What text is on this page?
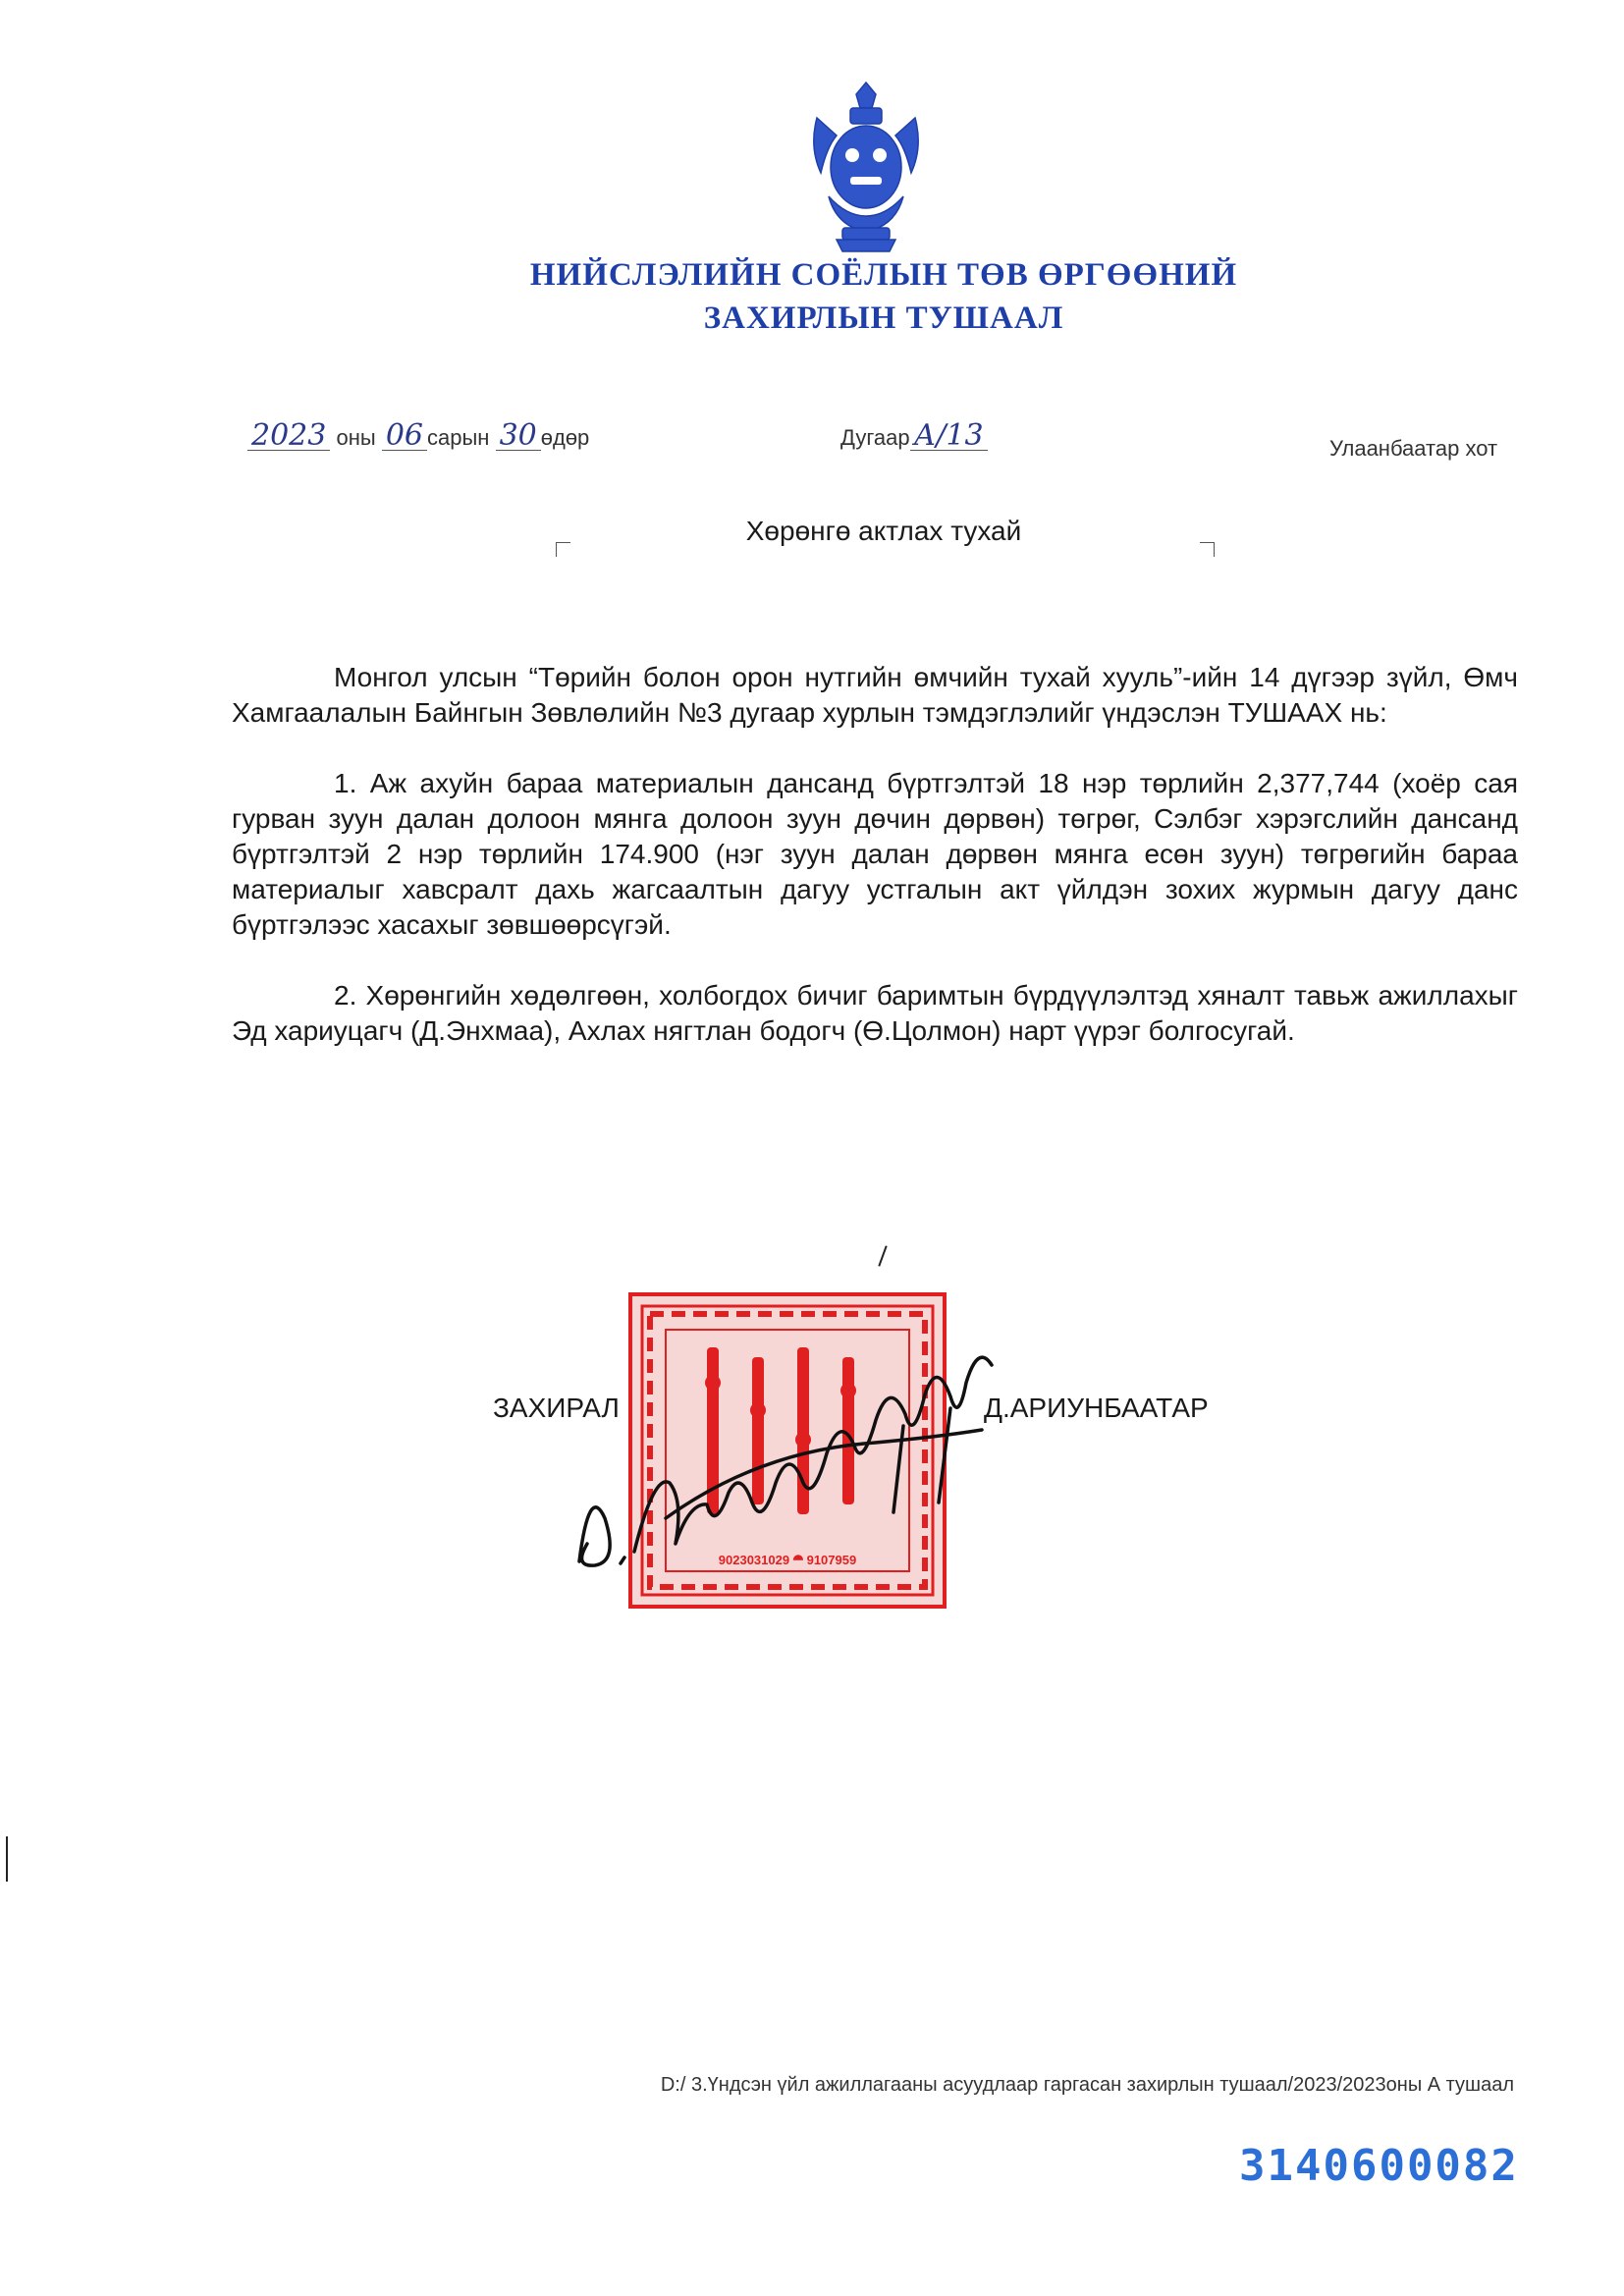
НИЙСЛЭЛИЙН СОЁЛЫН ТӨВ ӨРГӨӨНИЙ
ЗАХИРЛЫН ТУШААЛ
2023 оны 06 сарын 30 өдөр	Дугаар А/13	Улаанбаатар хот
Хөрөнгө актлах тухай

Монгол улсын “Төрийн болон орон нутгийн өмчийн тухай хууль”-ийн 14 дүгээр зүйл, Өмч Хамгаалалын Байнгын Зөвлөлийн №3 дугаар хурлын тэмдэглэлийг үндэслэн ТУШААХ нь:

1. Аж ахуйн бараа материалын дансанд бүртгэлтэй 18 нэр төрлийн 2,377,744 (хоёр сая гурван зуун далан долоон мянга долоон зуун дөчин дөрвөн) төгрөг, Сэлбэг хэрэгслийн дансанд бүртгэлтэй 2 нэр төрлийн 174.900 (нэг зуун далан дөрвөн мянга есөн зуун) төгрөгийн бараа материалыг хавсралт дахь жагсаалтын дагуу устгалын акт үйлдэн зохих журмын дагуу данс бүртгэлээс хасахыг зөвшөөрсүгэй.

2. Хөрөнгийн хөдөлгөөн, холбогдох бичиг баримтын бүрдүүлэлтэд хяналт тавьж ажиллахыг Эд хариуцагч (Д.Энхмаа), Ахлах нягтлан бодогч (Ө.Цолмон) нарт үүрэг болгосугай.

9023031029 ⯊ 9107959
ЗАХИРАЛ	Д.АРИУНБААТАР
D:/ 3.Үндсэн үйл ажиллагааны асуудлаар гаргасан захирлын тушаал/2023/2023оны А тушаал
3140600082
